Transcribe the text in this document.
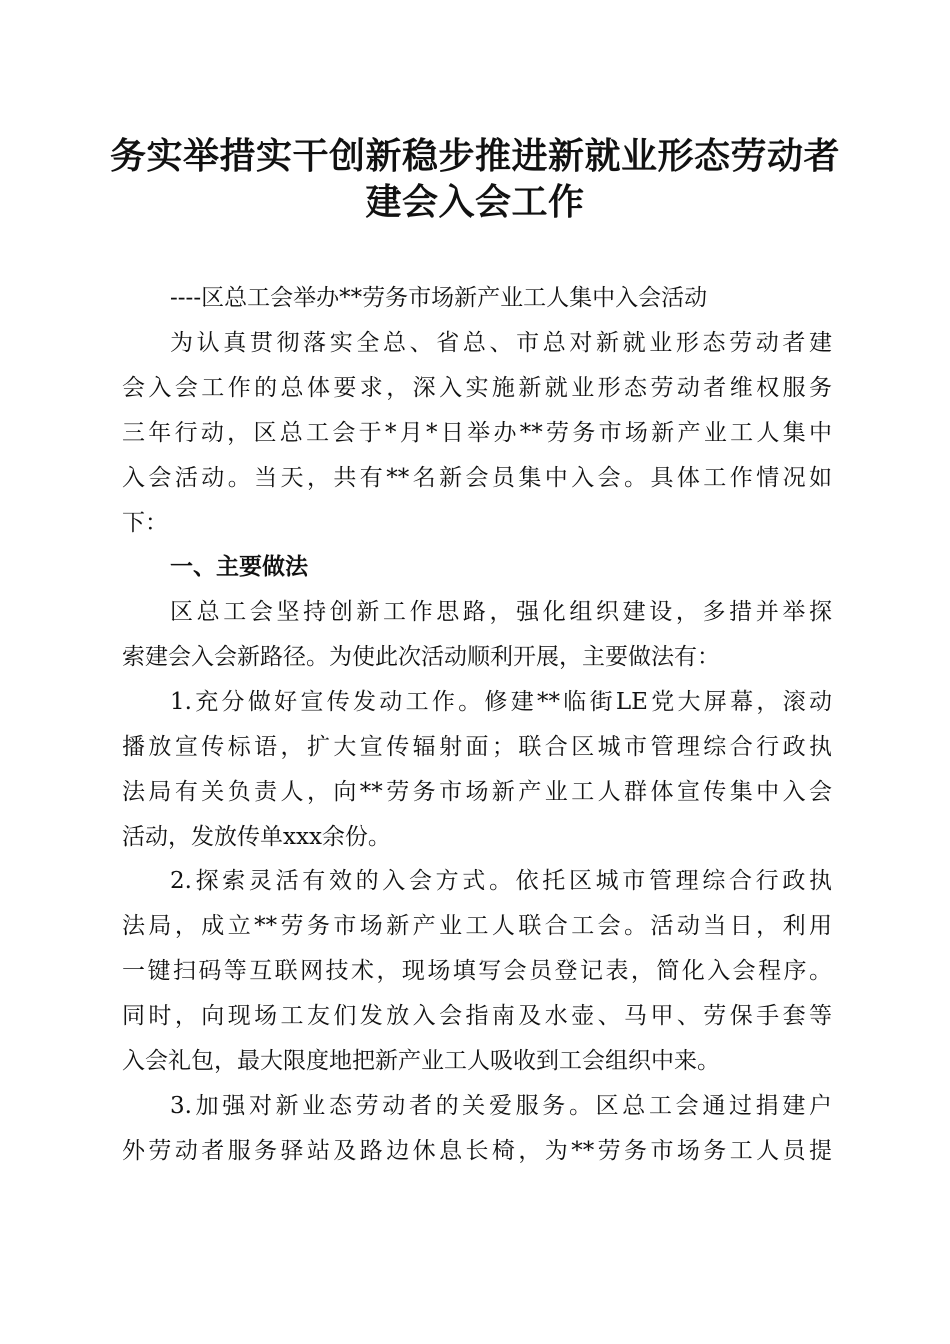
务实举措实干创新稳步推进新就业形态劳动者
建会入会工作

----区总工会举办**劳务市场新产业工人集中入会活动

为认真贯彻落实全总、省总、市总对新就业形态劳动者建

会入会工作的总体要求，深入实施新就业形态劳动者维权服务

三年行动，区总工会于*月*日举办**劳务市场新产业工人集中

入会活动。当天，共有**名新会员集中入会。具体工作情况如

下：

一、主要做法

区总工会坚持创新工作思路，强化组织建设，多措并举探

索建会入会新路径。为使此次活动顺利开展，主要做法有：

1.充分做好宣传发动工作。修建**临街LE党大屏幕，滚动

播放宣传标语，扩大宣传辐射面；联合区城市管理综合行政执

法局有关负责人，向**劳务市场新产业工人群体宣传集中入会

活动，发放传单xxx余份。

2.探索灵活有效的入会方式。依托区城市管理综合行政执

法局，成立**劳务市场新产业工人联合工会。活动当日，利用

一键扫码等互联网技术，现场填写会员登记表，简化入会程序。

同时，向现场工友们发放入会指南及水壶、马甲、劳保手套等

入会礼包，最大限度地把新产业工人吸收到工会组织中来。

3.加强对新业态劳动者的关爱服务。区总工会通过捐建户

外劳动者服务驿站及路边休息长椅，为**劳务市场务工人员提
